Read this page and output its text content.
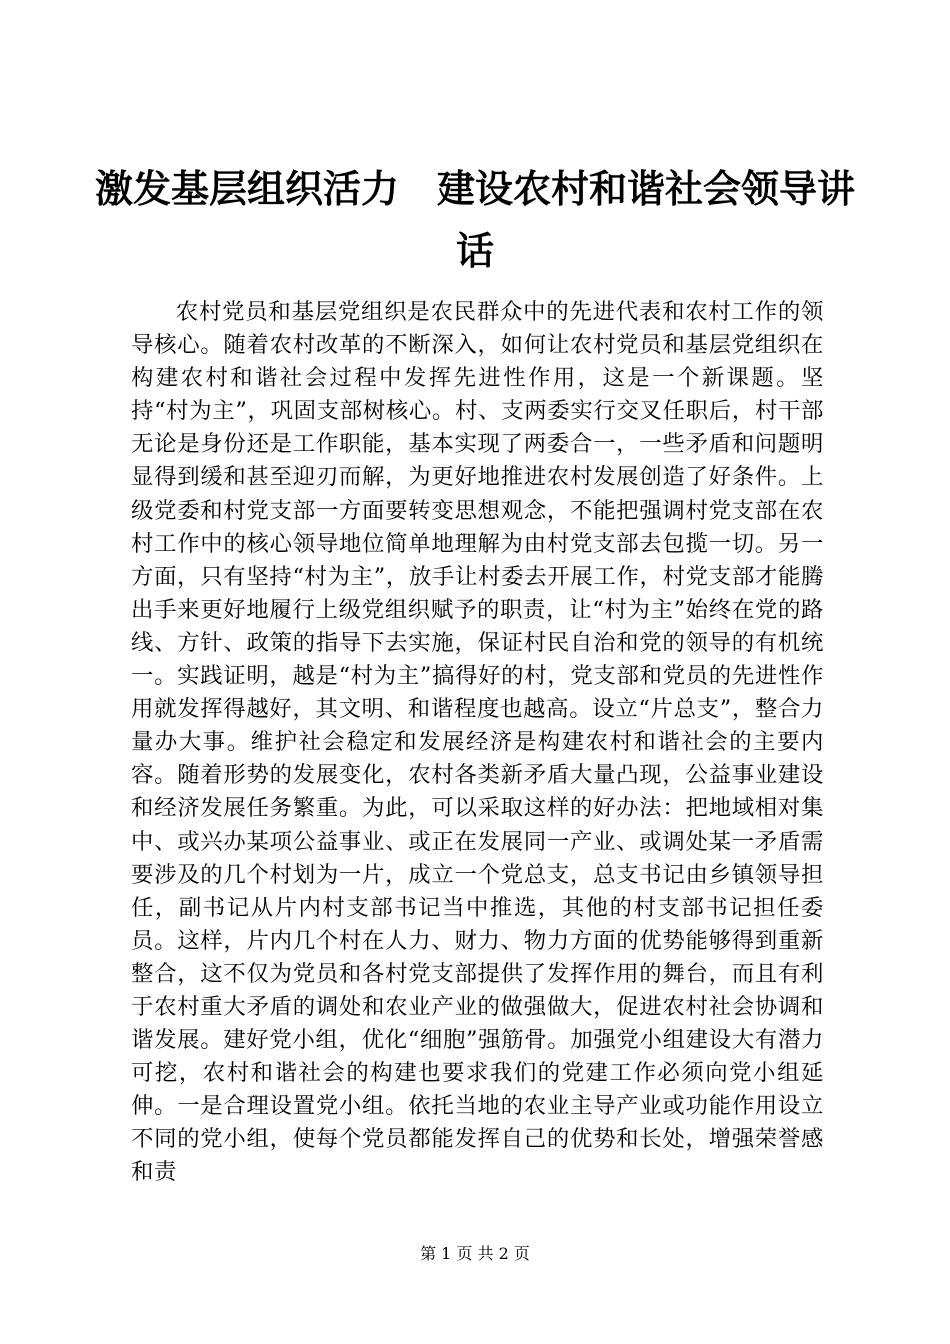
激发基层组织活力 建设农村和谐社会领导讲
话

农村党员和基层党组织是农民群众中的先进代表和农村工作的领导核心。随着农村改革的不断深入，如何让农村党员和基层党组织在构建农村和谐社会过程中发挥先进性作用，这是一个新课题。坚持“村为主”，巩固支部树核心。村、支两委实行交叉任职后，村干部无论是身份还是工作职能，基本实现了两委合一，一些矛盾和问题明显得到缓和甚至迎刃而解，为更好地推进农村发展创造了好条件。上级党委和村党支部一方面要转变思想观念，不能把强调村党支部在农村工作中的核心领导地位简单地理解为由村党支部去包揽一切。另一方面，只有坚持“村为主”，放手让村委去开展工作，村党支部才能腾出手来更好地履行上级党组织赋予的职责，让“村为主”始终在党的路线、方针、政策的指导下去实施，保证村民自治和党的领导的有机统一。实践证明，越是“村为主”搞得好的村，党支部和党员的先进性作用就发挥得越好，其文明、和谐程度也越高。设立“片总支”，整合力量办大事。维护社会稳定和发展经济是构建农村和谐社会的主要内容。随着形势的发展变化，农村各类新矛盾大量凸现，公益事业建设和经济发展任务繁重。为此，可以采取这样的好办法：把地域相对集中、或兴办某项公益事业、或正在发展同一产业、或调处某一矛盾需要涉及的几个村划为一片，成立一个党总支，总支书记由乡镇领导担任，副书记从片内村支部书记当中推选，其他的村支部书记担任委员。这样，片内几个村在人力、财力、物力方面的优势能够得到重新整合，这不仅为党员和各村党支部提供了发挥作用的舞台，而且有利于农村重大矛盾的调处和农业产业的做强做大，促进农村社会协调和谐发展。建好党小组，优化“细胞”强筋骨。加强党小组建设大有潜力可挖，农村和谐社会的构建也要求我们的党建工作必须向党小组延伸。一是合理设置党小组。依托当地的农业主导产业或功能作用设立不同的党小组，使每个党员都能发挥自己的优势和长处，增强荣誉感和责

第 1 页 共 2 页
